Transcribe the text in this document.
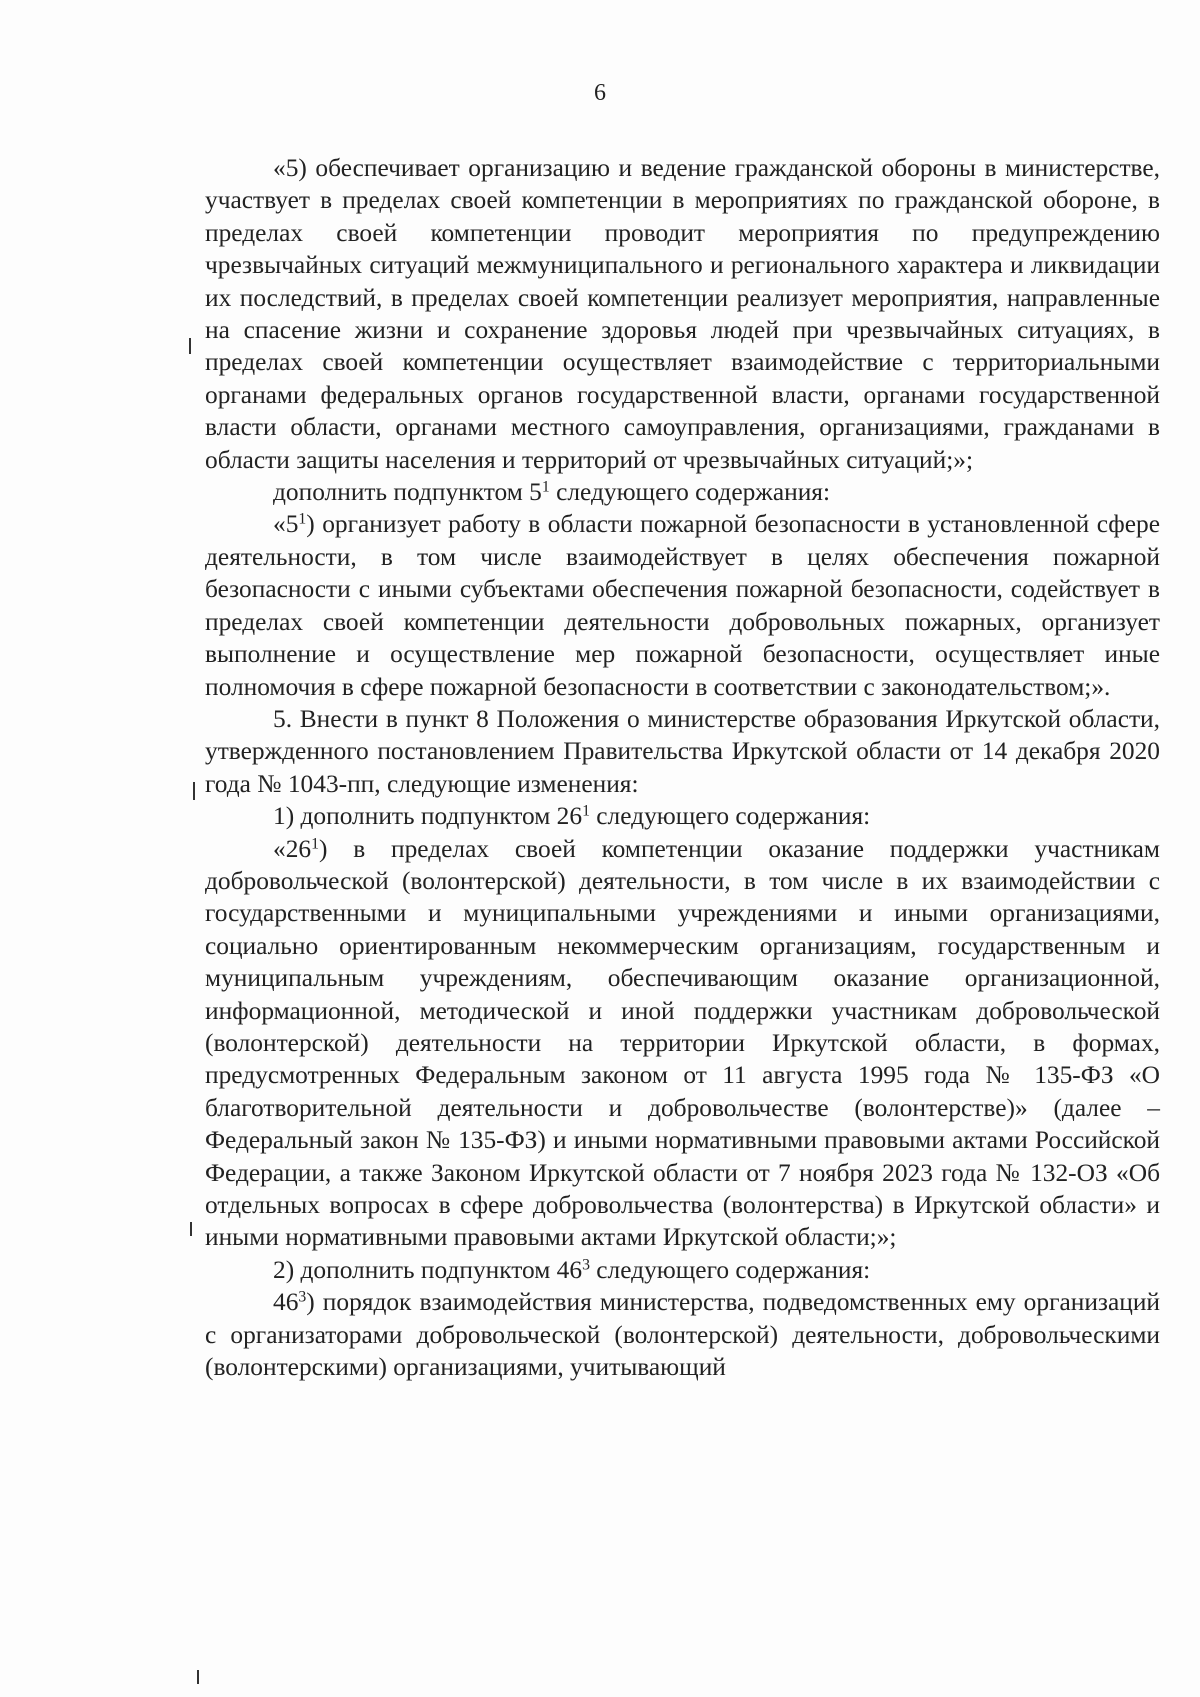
6

«5) обеспечивает организацию и ведение гражданской обороны в министерстве, участвует в пределах своей компетенции в мероприятиях по гражданской обороне, в пределах своей компетенции проводит мероприятия по предупреждению чрезвычайных ситуаций межмуниципального и регионального характера и ликвидации их последствий, в пределах своей компетенции реализует мероприятия, направленные на спасение жизни и сохранение здоровья людей при чрезвычайных ситуациях, в пределах своей компетенции осуществляет взаимодействие с территориальными органами федеральных органов государственной власти, органами государственной власти области, органами местного самоуправления, организациями, гражданами в области защиты населения и территорий от чрезвычайных ситуаций;»;

дополнить подпунктом $5^1$ следующего содержания:

«$5^1$) организует работу в области пожарной безопасности в установленной сфере деятельности, в том числе взаимодействует в целях обеспечения пожарной безопасности с иными субъектами обеспечения пожарной безопасности, содействует в пределах своей компетенции деятельности добровольных пожарных, организует выполнение и осуществление мер пожарной безопасности, осуществляет иные полномочия в сфере пожарной безопасности в соответствии с законодательством;».

5. Внести в пункт 8 Положения о министерстве образования Иркутской области, утвержденного постановлением Правительства Иркутской области от 14 декабря 2020 года № 1043-пп, следующие изменения:

1) дополнить подпунктом $26^1$ следующего содержания:

«$26^1$) в пределах своей компетенции оказание поддержки участникам добровольческой (волонтерской) деятельности, в том числе в их взаимодействии с государственными и муниципальными учреждениями и иными организациями, социально ориентированным некоммерческим организациям, государственным и муниципальным учреждениям, обеспечивающим оказание организационной, информационной, методической и иной поддержки участникам добровольческой (волонтерской) деятельности на территории Иркутской области, в формах, предусмотренных Федеральным законом от 11 августа 1995 года № 135-ФЗ «О благотворительной деятельности и добровольчестве (волонтерстве)» (далее – Федеральный закон № 135-ФЗ) и иными нормативными правовыми актами Российской Федерации, а также Законом Иркутской области от 7 ноября 2023 года № 132-ОЗ «Об отдельных вопросах в сфере добровольчества (волонтерства) в Иркутской области» и иными нормативными правовыми актами Иркутской области;»;

2) дополнить подпунктом $46^3$ следующего содержания:

$46^3$) порядок взаимодействия министерства, подведомственных ему организаций с организаторами добровольческой (волонтерской) деятельности, добровольческими (волонтерскими) организациями, учитывающий
